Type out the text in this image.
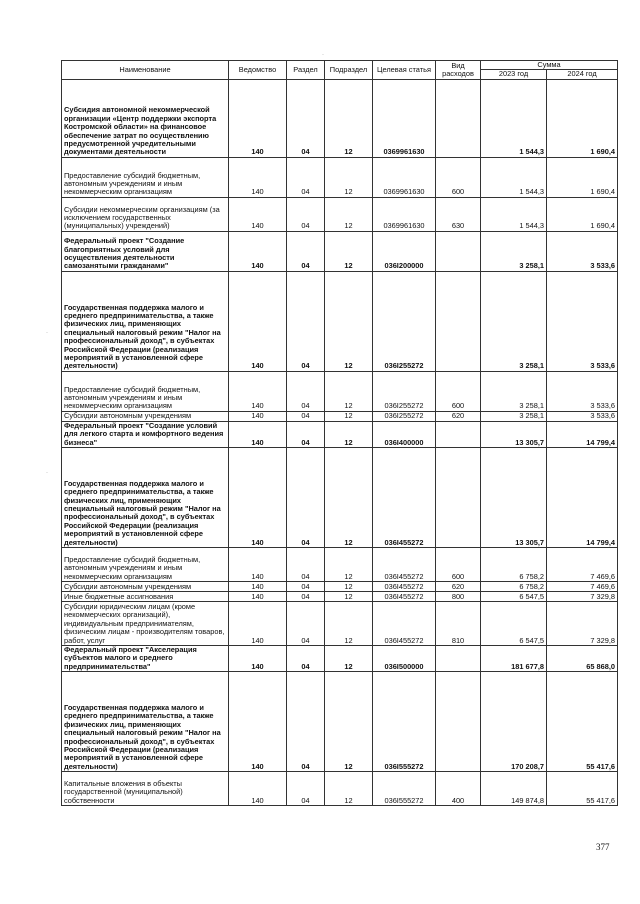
Наименование	Ведомство	Раздел	Подраздел	Целевая статья	Вид расходов	Сумма	
						2023 год	2024 год
Субсидия автономной некоммерческой организации «Центр поддержки экспорта Костромской области» на финансовое обеспечение затрат по осуществлению предусмотренной учредительными документами деятельности	140	04	12	0369961630		1 544,3	1 690,4
Предоставление субсидий бюджетным, автономным учреждениям и иным некоммерческим организациям	140	04	12	0369961630	600	1 544,3	1 690,4
Субсидии некоммерческим организациям (за исключением государственных (муниципальных) учреждений)	140	04	12	0369961630	630	1 544,3	1 690,4
Федеральный проект "Создание благоприятных условий для осуществления деятельности самозанятыми гражданами"	140	04	12	036I200000		3 258,1	3 533,6
Государственная поддержка малого и среднего предпринимательства, а также физических лиц, применяющих специальный налоговый режим "Налог на профессиональный доход", в субъектах Российской Федерации (реализация мероприятий в установленной сфере деятельности)	140	04	12	036I255272		3 258,1	3 533,6
Предоставление субсидий бюджетным, автономным учреждениям и иным некоммерческим организациям	140	04	12	036I255272	600	3 258,1	3 533,6
Субсидии автономным учреждениям	140	04	12	036I255272	620	3 258,1	3 533,6
Федеральный проект "Создание условий для легкого старта и комфортного ведения бизнеса"	140	04	12	036I400000		13 305,7	14 799,4
Государственная поддержка малого и среднего предпринимательства, а также физических лиц, применяющих специальный налоговый режим "Налог на профессиональный доход", в субъектах Российской Федерации (реализация мероприятий в установленной сфере деятельности)	140	04	12	036I455272		13 305,7	14 799,4
Предоставление субсидий бюджетным, автономным учреждениям и иным некоммерческим организациям	140	04	12	036I455272	600	6 758,2	7 469,6
Субсидии автономным учреждениям	140	04	12	036I455272	620	6 758,2	7 469,6
Иные бюджетные ассигнования	140	04	12	036I455272	800	6 547,5	7 329,8
Субсидии юридическим лицам (кроме некоммерческих организаций), индивидуальным предпринимателям, физическим лицам - производителям товаров, работ, услуг	140	04	12	036I455272	810	6 547,5	7 329,8
Федеральный проект "Акселерация субъектов малого и среднего предпринимательства"	140	04	12	036I500000		181 677,8	65 868,0
Государственная поддержка малого и среднего предпринимательства, а также физических лиц, применяющих специальный налоговый режим "Налог на профессиональный доход", в субъектах Российской Федерации (реализация мероприятий в установленной сфере деятельности)	140	04	12	036I555272		170 208,7	55 417,6
Капитальные вложения в объекты государственной (муниципальной) собственности	140	04	12	036I555272	400	149 874,8	55 417,6
377
·
·
·
